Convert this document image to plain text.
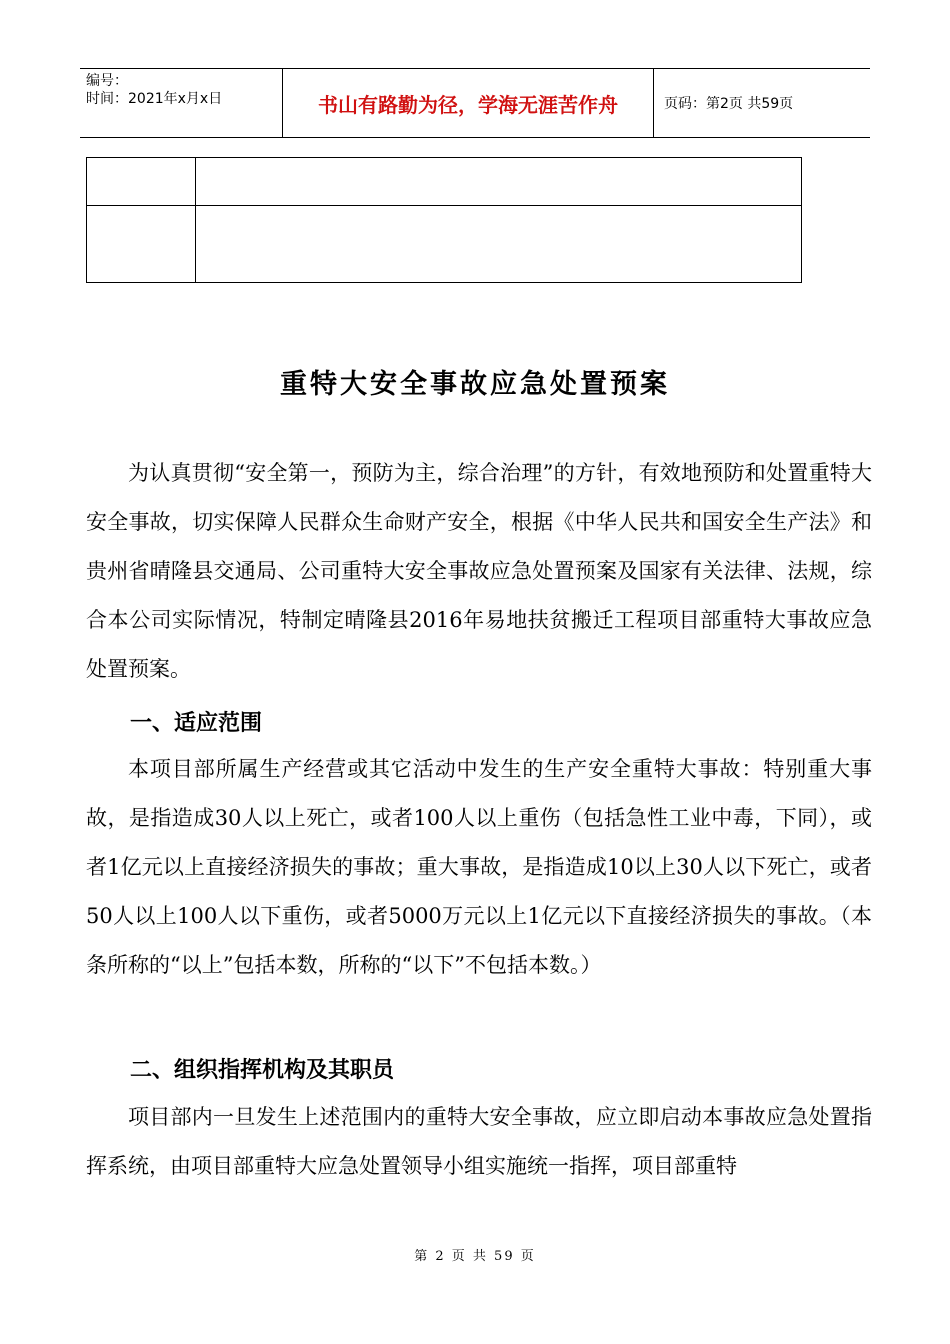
编号：
时间：2021年x月x日	书山有路勤为径，学海无涯苦作舟	页码：第2页 共59页

重特大安全事故应急处置预案

为认真贯彻“安全第一，预防为主，综合治理”的方针，有效地预防和处置重特大安全事故，切实保障人民群众生命财产安全，根据《中华人民共和国安全生产法》和贵州省晴隆县交通局、公司重特大安全事故应急处置预案及国家有关法律、法规，综合本公司实际情况，特制定晴隆县2016年易地扶贫搬迁工程项目部重特大事故应急处置预案。

一、适应范围

本项目部所属生产经营或其它活动中发生的生产安全重特大事故：特别重大事故，是指造成30人以上死亡，或者100人以上重伤（包括急性工业中毒，下同），或者1亿元以上直接经济损失的事故；重大事故，是指造成10以上30人以下死亡，或者50人以上100人以下重伤，或者5000万元以上1亿元以下直接经济损失的事故。（本条所称的“以上”包括本数，所称的“以下”不包括本数。）

二、组织指挥机构及其职员

项目部内一旦发生上述范围内的重特大安全事故，应立即启动本事故应急处置指挥系统，由项目部重特大应急处置领导小组实施统一指挥，项目部重特

第 2 页 共 59 页
